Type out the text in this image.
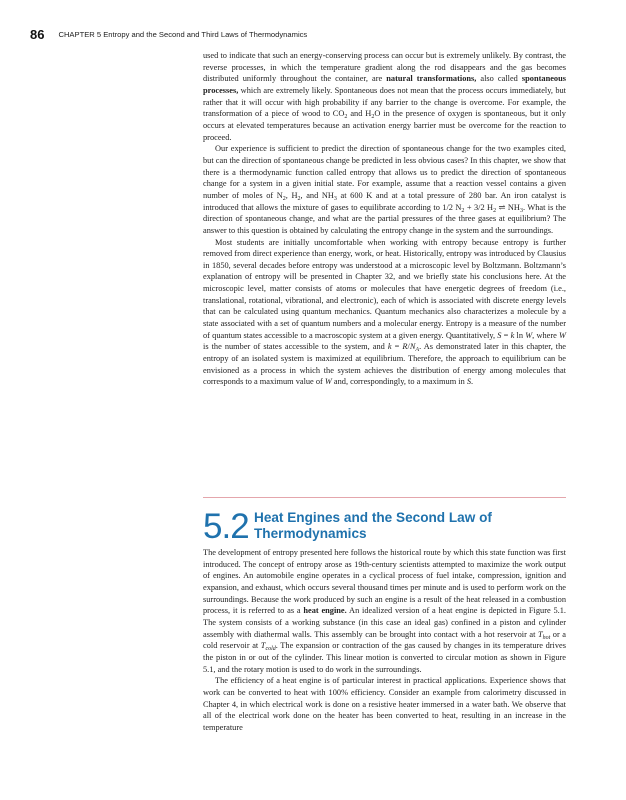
86 CHAPTER 5 Entropy and the Second and Third Laws of Thermodynamics

used to indicate that such an energy-conserving process can occur but is extremely unlikely. By contrast, the reverse processes, in which the temperature gradient along the rod disappears and the gas becomes distributed uniformly throughout the container, are natural transformations, also called spontaneous processes, which are extremely likely. Spontaneous does not mean that the process occurs immediately, but rather that it will occur with high probability if any barrier to the change is overcome. For example, the transformation of a piece of wood to $CO_2$ and $H_2O$ in the presence of oxygen is spontaneous, but it only occurs at elevated temperatures because an activation energy barrier must be overcome for the reaction to proceed.

Our experience is sufficient to predict the direction of spontaneous change for the two examples cited, but can the direction of spontaneous change be predicted in less obvious cases? In this chapter, we show that there is a thermodynamic function called entropy that allows us to predict the direction of spontaneous change for a system in a given initial state. For example, assume that a reaction vessel contains a given number of moles of $N_2$, $H_2$, and $NH_3$ at 600 K and at a total pressure of 280 bar. An iron catalyst is introduced that allows the mixture of gases to equilibrate according to 1/2 $N_2 + 3/2$ $H_2$ ⇌ $NH_3$. What is the direction of spontaneous change, and what are the partial pressures of the three gases at equilibrium? The answer to this question is obtained by calculating the entropy change in the system and the surroundings.

Most students are initially uncomfortable when working with entropy because entropy is further removed from direct experience than energy, work, or heat. Historically, entropy was introduced by Clausius in 1850, several decades before entropy was understood at a microscopic level by Boltzmann. Boltzmann’s explanation of entropy will be presented in Chapter 32, and we briefly state his conclusions here. At the microscopic level, matter consists of atoms or molecules that have energetic degrees of freedom (i.e., translational, rotational, vibrational, and electronic), each of which is associated with discrete energy levels that can be calculated using quantum mechanics. Quantum mechanics also characterizes a molecule by a state associated with a set of quantum numbers and a molecular energy. Entropy is a measure of the number of quantum states accessible to a macroscopic system at a given energy. Quantitatively, S = k ln W, where W is the number of states accessible to the system, and $k = R/N_A$. As demonstrated later in this chapter, the entropy of an isolated system is maximized at equilibrium. Therefore, the approach to equilibrium can be envisioned as a process in which the system achieves the distribution of energy among molecules that corresponds to a maximum value of W and, correspondingly, to a maximum in S.

5.2 Heat Engines and the Second Law of
Thermodynamics

The development of entropy presented here follows the historical route by which this state function was first introduced. The concept of entropy arose as 19th-century scientists attempted to maximize the work output of engines. An automobile engine operates in a cyclical process of fuel intake, compression, ignition and expansion, and exhaust, which occurs several thousand times per minute and is used to perform work on the surroundings. Because the work produced by such an engine is a result of the heat released in a combustion process, it is referred to as a heat engine. An idealized version of a heat engine is depicted in Figure 5.1. The system consists of a working substance (in this case an ideal gas) confined in a piston and cylinder assembly with diathermal walls. This assembly can be brought into contact with a hot reservoir at $T_{hot}$ or a cold reservoir at $T_{cold}$. The expansion or contraction of the gas caused by changes in its temperature drives the piston in or out of the cylinder. This linear motion is converted to circular motion as shown in Figure 5.1, and the rotary motion is used to do work in the surroundings.

The efficiency of a heat engine is of particular interest in practical applications. Experience shows that work can be converted to heat with 100% efficiency. Consider an example from calorimetry discussed in Chapter 4, in which electrical work is done on a resistive heater immersed in a water bath. We observe that all of the electrical work done on the heater has been converted to heat, resulting in an increase in the temperature
